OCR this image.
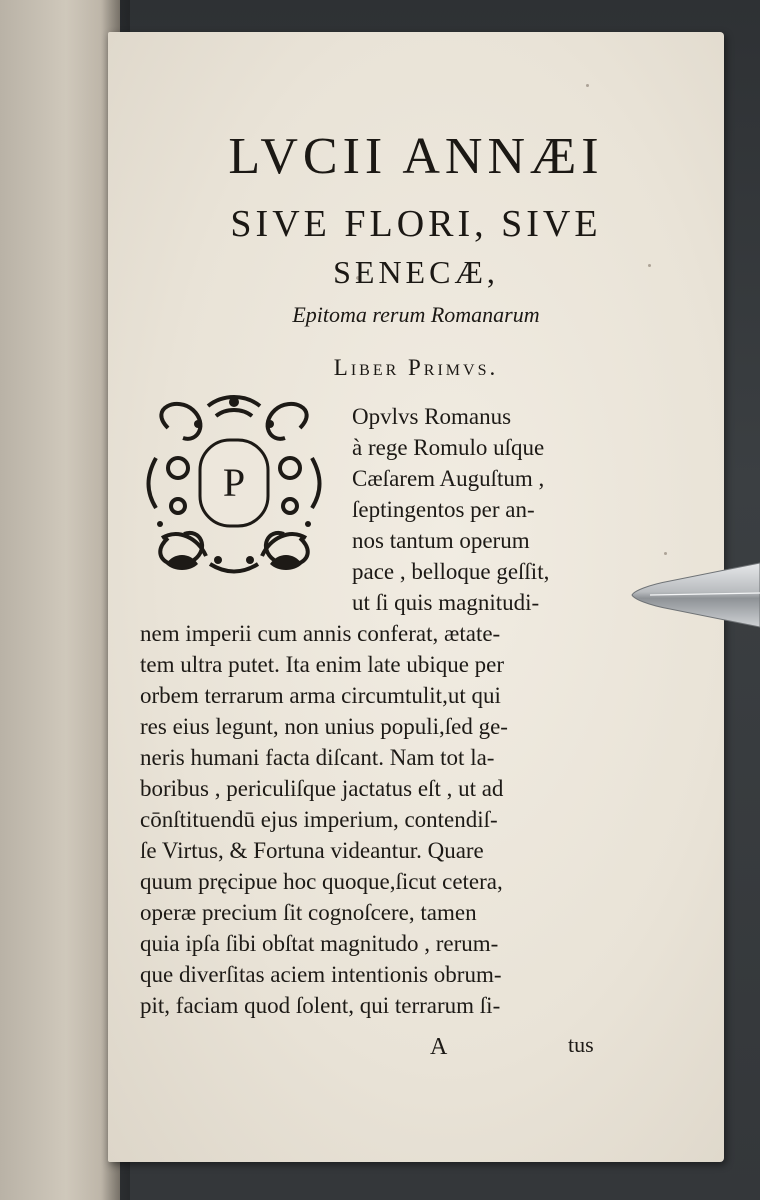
LVCII ANNÆI
SIVE FLORI, SIVE
SENECÆ,
Epitoma rerum Romanarum
Liber Primvs.
P
Opvlvs Romanus
à rege Romulo uſque
Cæſarem Auguſtum ,
ſeptingentos per an-
nos tantum operum
pace , belloque geſſit,
ut ſi quis magnitudi-
nem imperii cum annis conferat, ætate-
tem ultra putet. Ita enim late ubique per
orbem terrarum arma circumtulit,ut qui
res eius legunt, non unius populi,ſed ge-
neris humani facta diſcant. Nam tot la-
boribus , periculiſque jactatus eſt , ut ad
cōnſtituendū ejus imperium, contendiſ-
ſe Virtus, & Fortuna videantur. Quare
quum pręcipue hoc quoque,ſicut cetera,
operæ precium ſit cognoſcere, tamen
quia ipſa ſibi obſtat magnitudo , rerum-
que diverſitas aciem intentionis obrum-
pit, faciam quod ſolent, qui terrarum ſi-
A	tus
